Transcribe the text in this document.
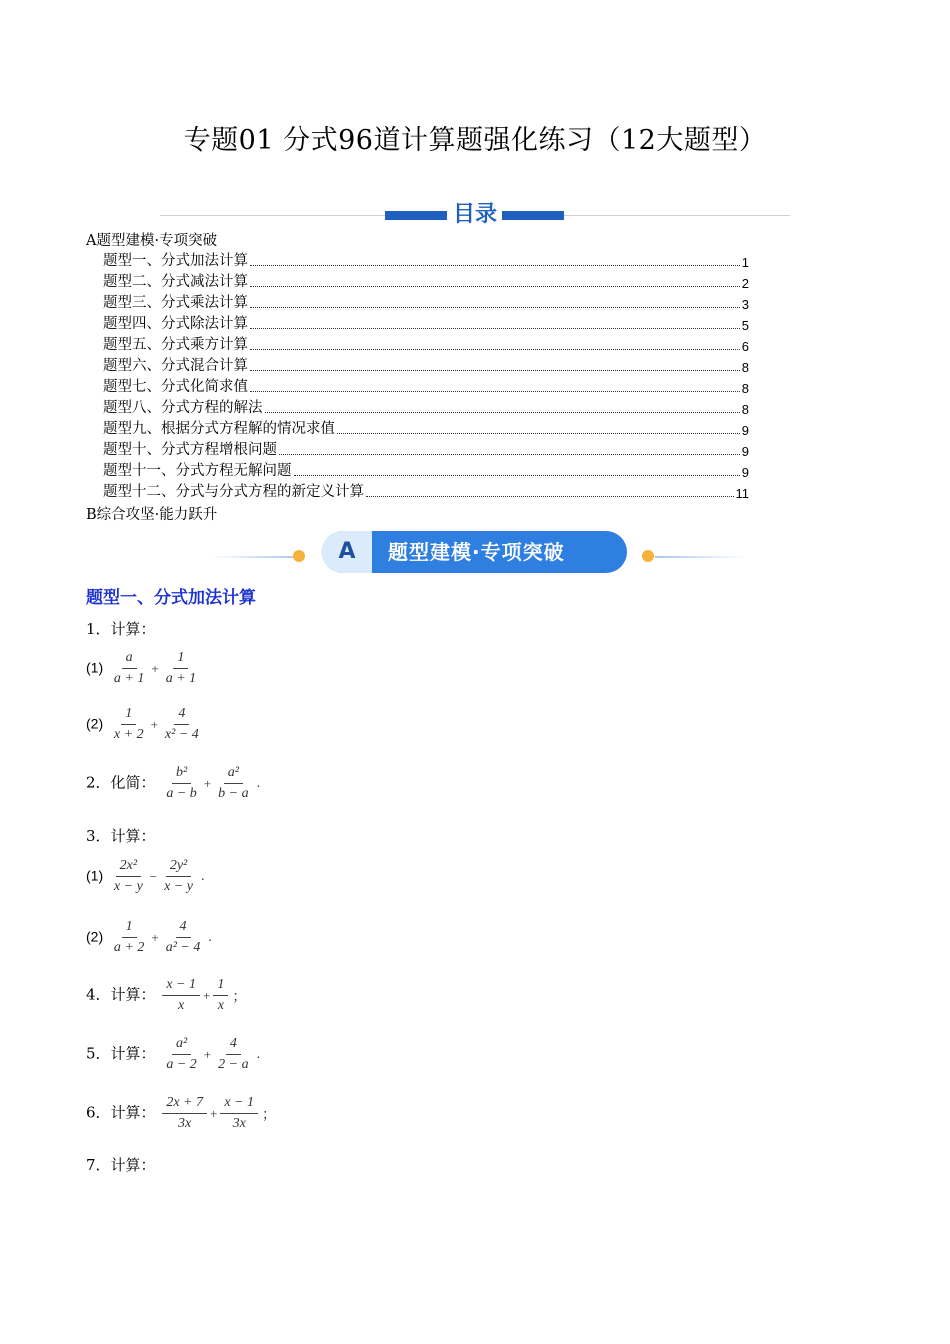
专题01 分式96道计算题强化练习（12大题型）
目录
A题型建模·专项突破
题型一、分式加法计算	1
题型二、分式减法计算	2
题型三、分式乘法计算	3
题型四、分式除法计算	5
题型五、分式乘方计算	6
题型六、分式混合计算	8
题型七、分式化简求值	8
题型八、分式方程的解法	8
题型九、根据分式方程解的情况求值	9
题型十、分式方程增根问题	9
题型十一、分式方程无解问题	9
题型十二、分式与分式方程的新定义计算	11
B综合攻坚·能力跃升
A	题型建模·专项突破
题型一、分式加法计算
1．计算：
$(1) \frac{a}{a + 1} + \frac{1}{a + 1}$
$(2) \frac{1}{x + 2} + \frac{4}{\text{x² − 4}}$
2．化简： $\frac{\text{b²}}{a - b} + \frac{\text{a²}}{b - a}$ .
3．计算：
$(1) \frac{\text{2x²}}{x - y} - \frac{\text{2y²}}{x - y}$ .
$(2) \frac{1}{a + 2} + \frac{4}{\text{a² − 4}}$ .
4．计算： $\frac{x - 1}{x} + \frac{1}{x}$ ；
5．计算： $\frac{\text{a²}}{a - 2} + \frac{4}{2 - a}$ .
6．计算： $\frac{2x + 7}{3x} + \frac{x - 1}{3x}$ ；
7．计算：
